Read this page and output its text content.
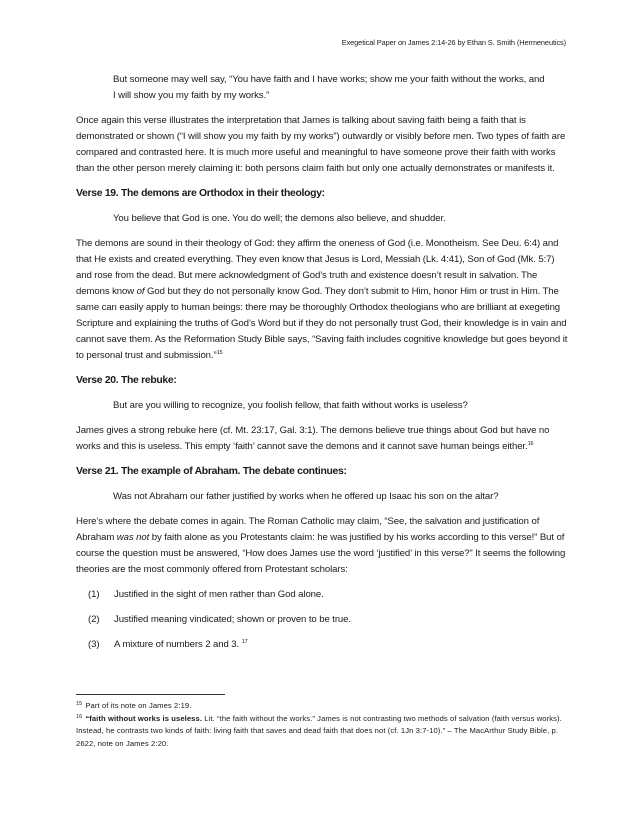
Exegetical Paper on James 2:14-26 by Ethan S. Smith (Hermeneutics)

But someone may well say, “You have faith and I have works; show me your faith without the works, and I will show you my faith by my works.”

Once again this verse illustrates the interpretation that James is talking about saving faith being a faith that is demonstrated or shown (“I will show you my faith by my works”) outwardly or visibly before men. Two types of faith are compared and contrasted here. It is much more useful and meaningful to have someone prove their faith with works than the other person merely claiming it: both persons claim faith but only one actually demonstrates or manifests it.

Verse 19. The demons are Orthodox in their theology:

You believe that God is one. You do well; the demons also believe, and shudder.

The demons are sound in their theology of God: they affirm the oneness of God (i.e. Monotheism. See Deu. 6:4) and that He exists and created everything. They even know that Jesus is Lord, Messiah (Lk. 4:41), Son of God (Mk. 5:7) and rose from the dead. But mere acknowledgment of God’s truth and existence doesn’t result in salvation. The demons know of God but they do not personally know God. They don’t submit to Him, honor Him or trust in Him. The same can easily apply to human beings: there may be thoroughly Orthodox theologians who are brilliant at exegeting Scripture and explaining the truths of God’s Word but if they do not personally trust God, their knowledge is in vain and cannot save them. As the Reformation Study Bible says, “Saving faith includes cognitive knowledge but goes beyond it to personal trust and submission.”$^{15}$

Verse 20. The rebuke:

But are you willing to recognize, you foolish fellow, that faith without works is useless?

James gives a strong rebuke here (cf. Mt. 23:17, Gal. 3:1). The demons believe true things about God but have no works and this is useless. This empty ‘faith’ cannot save the demons and it cannot save human beings either.$^{16}$

Verse 21. The example of Abraham. The debate continues:

Was not Abraham our father justified by works when he offered up Isaac his son on the altar?

Here’s where the debate comes in again. The Roman Catholic may claim, “See, the salvation and justification of Abraham was not by faith alone as you Protestants claim: he was justified by his works according to this verse!” But of course the question must be answered, “How does James use the word ‘justified’ in this verse?” It seems the following theories are the most commonly offered from Protestant scholars:

(1)	Justified in the sight of men rather than God alone.
(2)	Justified meaning vindicated; shown or proven to be true.
(3)	A mixture of numbers 2 and 3. $^{17}$

$^{15}$ Part of its note on James 2:19.

$^{16}$ “faith without works is useless. Lit. “the faith without the works.” James is not contrasting two methods of salvation (faith versus works). Instead, he contrasts two kinds of faith: living faith that saves and dead faith that does not (cf. 1Jn 3:7-10).” – The MacArthur Study Bible, p. 2622, note on James 2:20.
